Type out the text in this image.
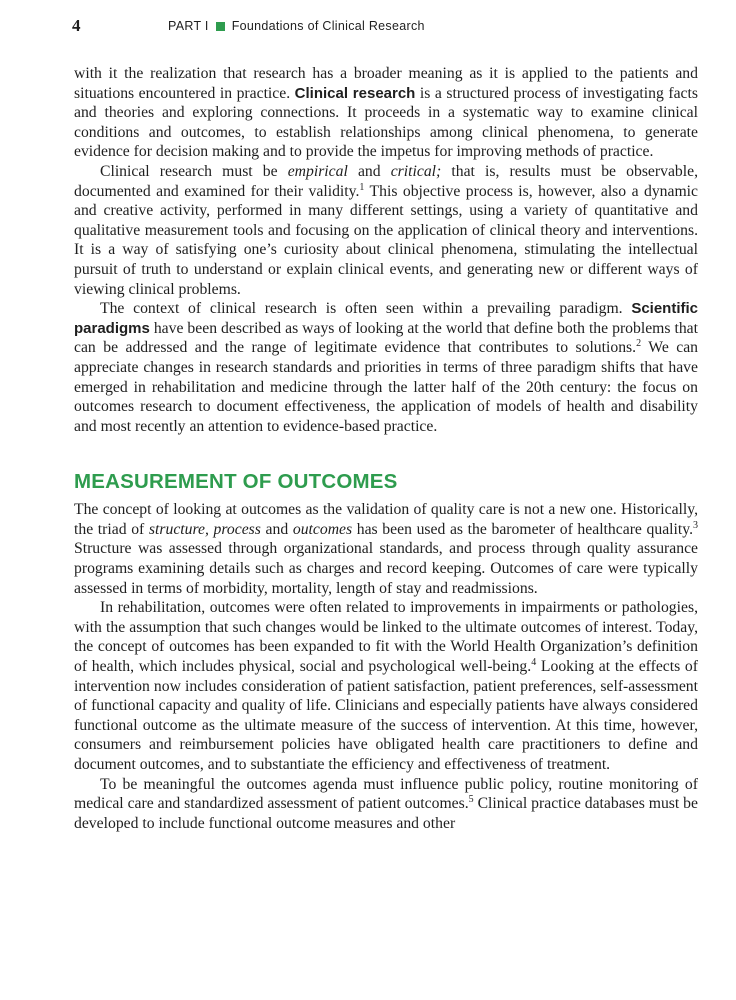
4	PART I Foundations of Clinical Research

with it the realization that research has a broader meaning as it is applied to the patients and situations encountered in practice. Clinical research is a structured process of investigating facts and theories and exploring connections. It proceeds in a systematic way to examine clinical conditions and outcomes, to establish relationships among clinical phenomena, to generate evidence for decision making and to provide the impetus for improving methods of practice.

Clinical research must be empirical and critical; that is, results must be observable, documented and examined for their validity.$^1$ This objective process is, however, also a dynamic and creative activity, performed in many different settings, using a variety of quantitative and qualitative measurement tools and focusing on the application of clinical theory and interventions. It is a way of satisfying one’s curiosity about clinical phenomena, stimulating the intellectual pursuit of truth to understand or explain clinical events, and generating new or different ways of viewing clinical problems.

The context of clinical research is often seen within a prevailing paradigm. Scientific paradigms have been described as ways of looking at the world that define both the problems that can be addressed and the range of legitimate evidence that contributes to solutions.$^2$ We can appreciate changes in research standards and priorities in terms of three paradigm shifts that have emerged in rehabilitation and medicine through the latter half of the 20th century: the focus on outcomes research to document effectiveness, the application of models of health and disability and most recently an attention to evidence-based practice.

MEASUREMENT OF OUTCOMES

The concept of looking at outcomes as the validation of quality care is not a new one. Historically, the triad of structure, process and outcomes has been used as the barometer of healthcare quality.$^3$ Structure was assessed through organizational standards, and process through quality assurance programs examining details such as charges and record keeping. Outcomes of care were typically assessed in terms of morbidity, mortality, length of stay and readmissions.

In rehabilitation, outcomes were often related to improvements in impairments or pathologies, with the assumption that such changes would be linked to the ultimate outcomes of interest. Today, the concept of outcomes has been expanded to fit with the World Health Organization’s definition of health, which includes physical, social and psychological well-being.$^4$ Looking at the effects of intervention now includes consideration of patient satisfaction, patient preferences, self-assessment of functional capacity and quality of life. Clinicians and especially patients have always considered functional outcome as the ultimate measure of the success of intervention. At this time, however, consumers and reimbursement policies have obligated health care practitioners to define and document outcomes, and to substantiate the efficiency and effectiveness of treatment.

To be meaningful the outcomes agenda must influence public policy, routine monitoring of medical care and standardized assessment of patient outcomes.$^5$ Clinical practice databases must be developed to include functional outcome measures and other
